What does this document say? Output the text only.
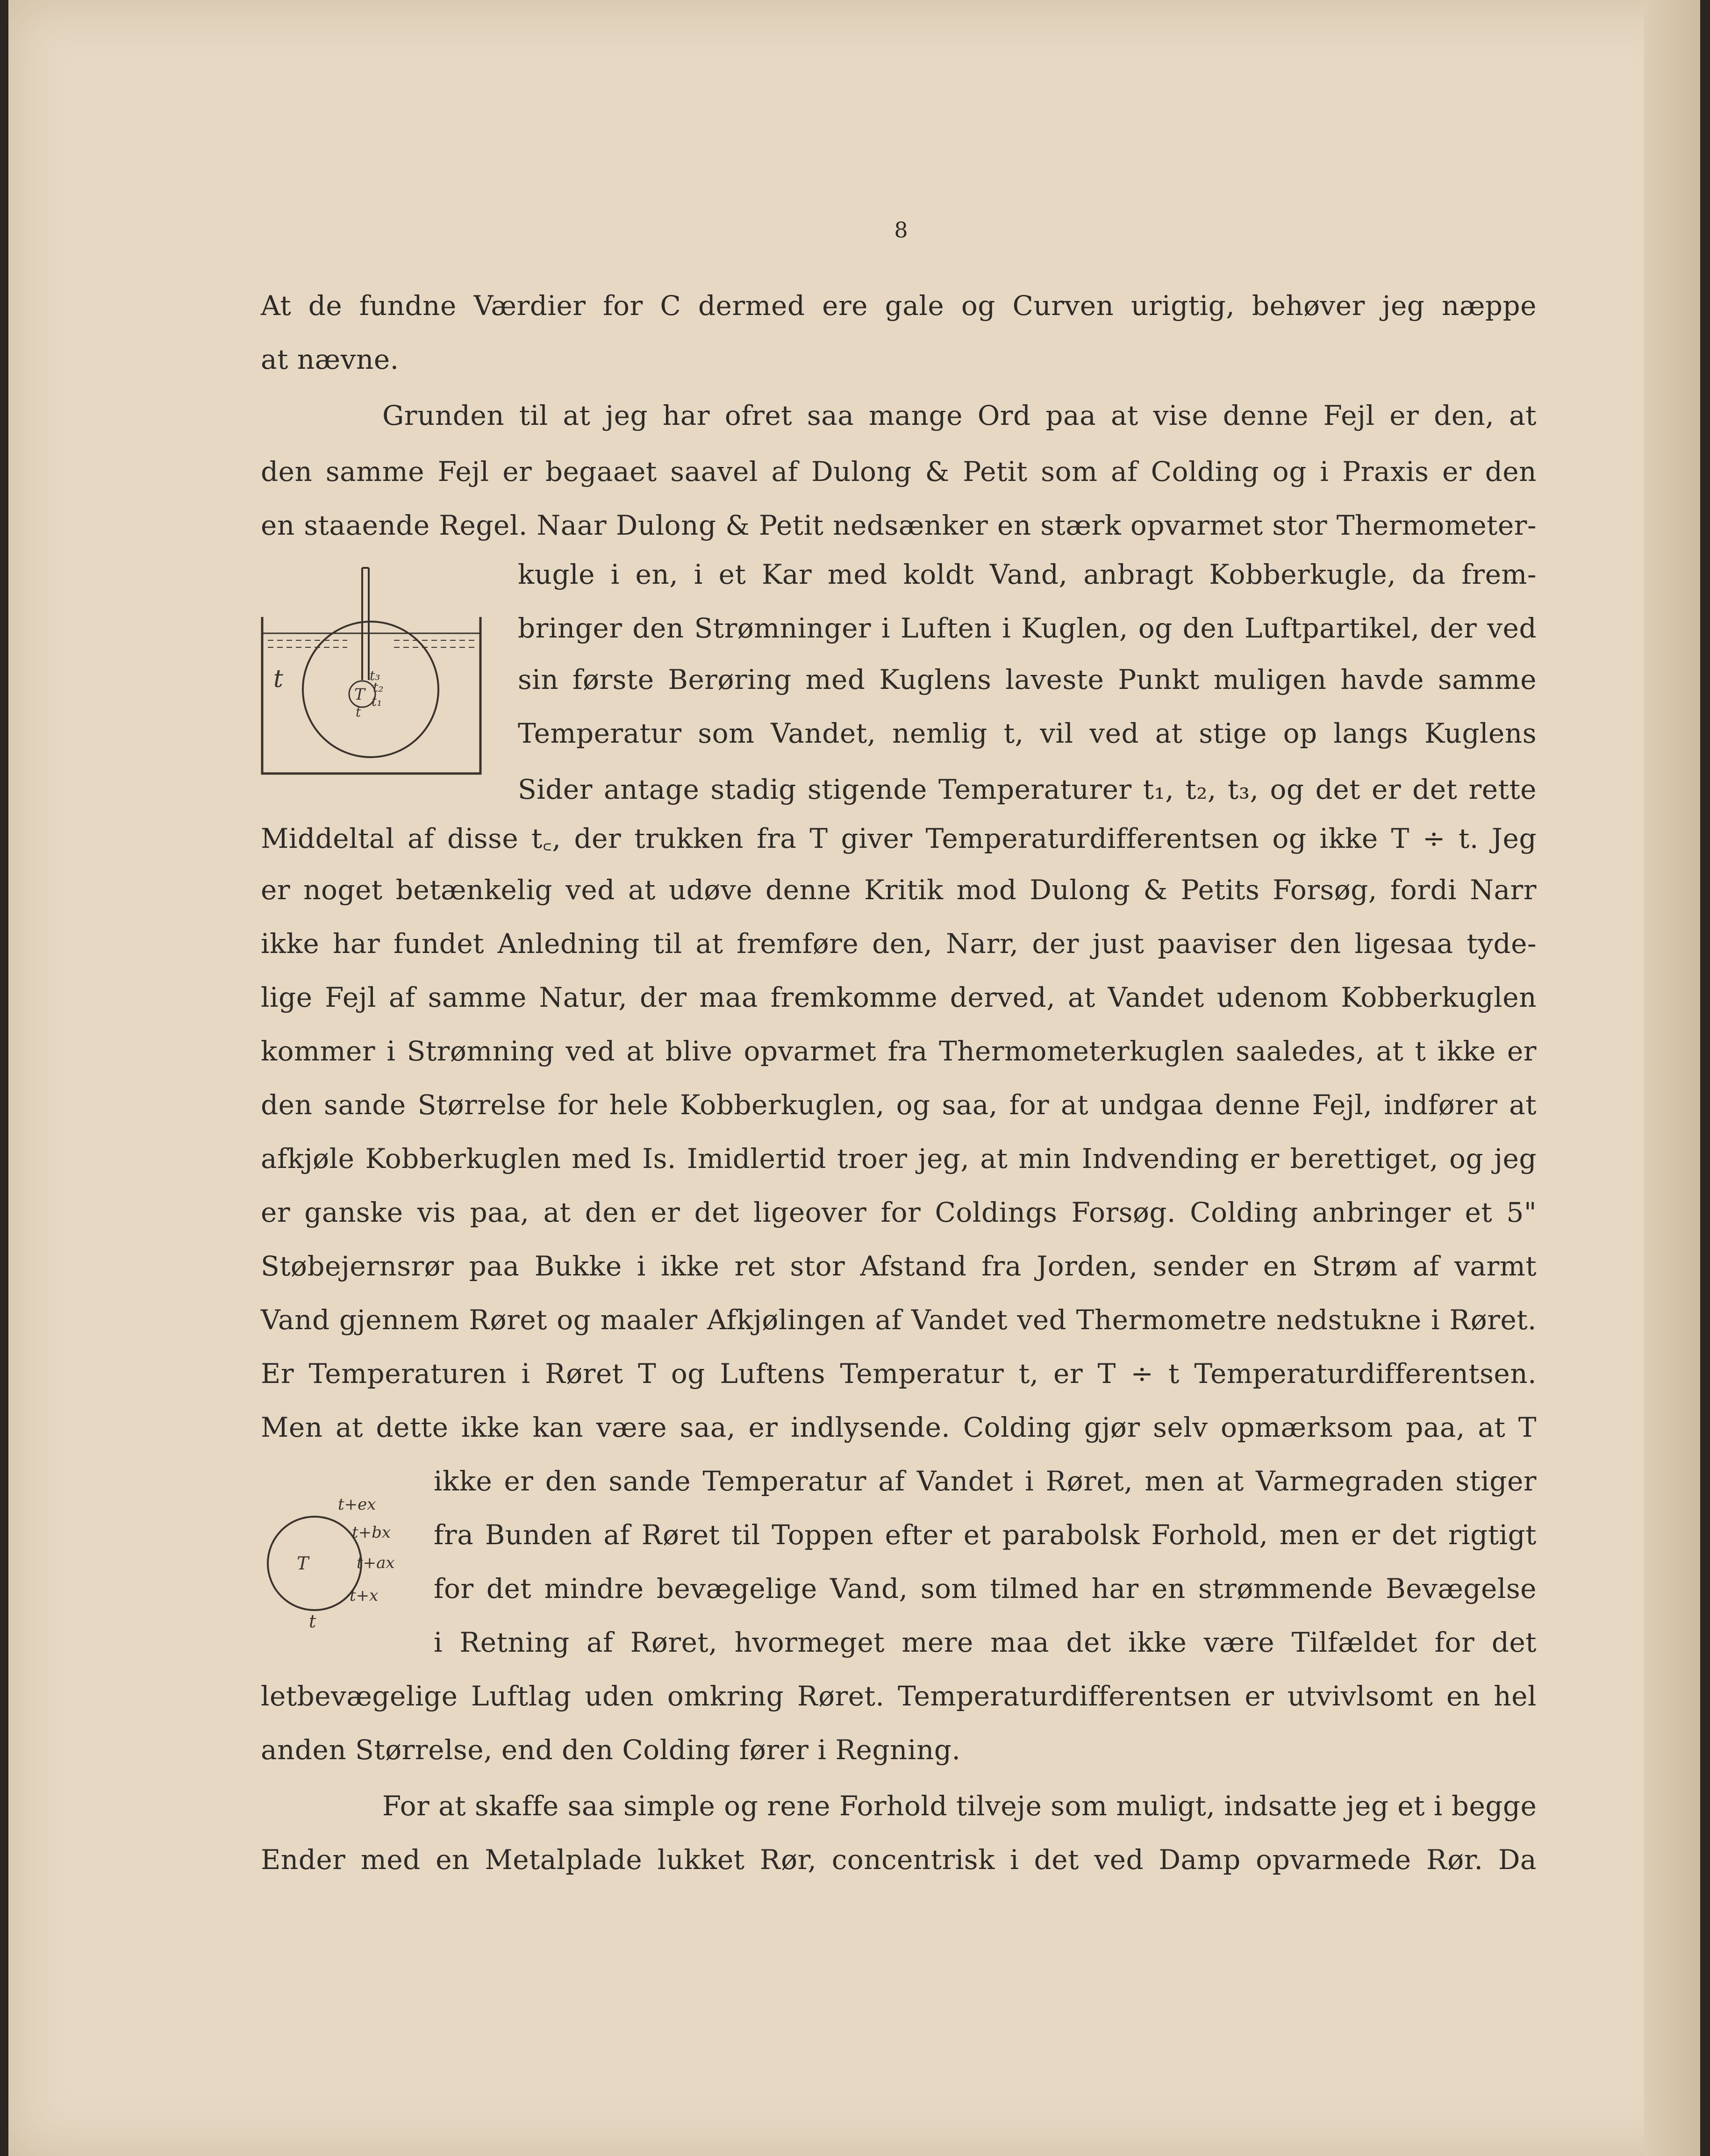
8
At de fundne Værdier for C dermed ere gale og Curven urigtig, behøver jeg næppe
at nævne.
Grunden til at jeg har ofret saa mange Ord paa at vise denne Fejl er den, at
den samme Fejl er begaaet saavel af Dulong & Petit som af Colding og i Praxis er den
en staaende Regel. Naar Dulong & Petit nedsænker en stærk opvarmet stor Thermometer-
kugle i en, i et Kar med koldt Vand, anbragt Kobberkugle, da frem-
bringer den Strømninger i Luften i Kuglen, og den Luftpartikel, der ved
sin første Berøring med Kuglens laveste Punkt muligen havde samme
Temperatur som Vandet, nemlig t, vil ved at stige op langs Kuglens
Sider antage stadig stigende Temperaturer t₁, t₂, t₃, og det er det rette
Middeltal af disse t꜀, der trukken fra T giver Temperaturdifferentsen og ikke T ÷ t. Jeg
er noget betænkelig ved at udøve denne Kritik mod Dulong & Petits Forsøg, fordi Narr
ikke har fundet Anledning til at fremføre den, Narr, der just paaviser den ligesaa tyde-
lige Fejl af samme Natur, der maa fremkomme derved, at Vandet udenom Kobberkuglen
kommer i Strømning ved at blive opvarmet fra Thermometerkuglen saaledes, at t ikke er
den sande Størrelse for hele Kobberkuglen, og saa, for at undgaa denne Fejl, indfører at
afkjøle Kobberkuglen med Is. Imidlertid troer jeg, at min Indvending er berettiget, og jeg
er ganske vis paa, at den er det ligeover for Coldings Forsøg. Colding anbringer et 5"
Støbejernsrør paa Bukke i ikke ret stor Afstand fra Jorden, sender en Strøm af varmt
Vand gjennem Røret og maaler Afkjølingen af Vandet ved Thermometre nedstukne i Røret.
Er Temperaturen i Røret T og Luftens Temperatur t, er T ÷ t Temperaturdifferentsen.
Men at dette ikke kan være saa, er indlysende. Colding gjør selv opmærksom paa, at T
ikke er den sande Temperatur af Vandet i Røret, men at Varmegraden stiger
fra Bunden af Røret til Toppen efter et parabolsk Forhold, men er det rigtigt
for det mindre bevægelige Vand, som tilmed har en strømmende Bevægelse
i Retning af Røret, hvormeget mere maa det ikke være Tilfældet for det
letbevægelige Luftlag uden omkring Røret. Temperaturdifferentsen er utvivlsomt en hel
anden Størrelse, end den Colding fører i Regning.
For at skaffe saa simple og rene Forhold tilveje som muligt, indsatte jeg et i begge
Ender med en Metalplade lukket Rør, concentrisk i det ved Damp opvarmede Rør. Da
t
T
t₃
t₂
t₁
t
T
t
t+ex
t+bx
t+ax
t+x
